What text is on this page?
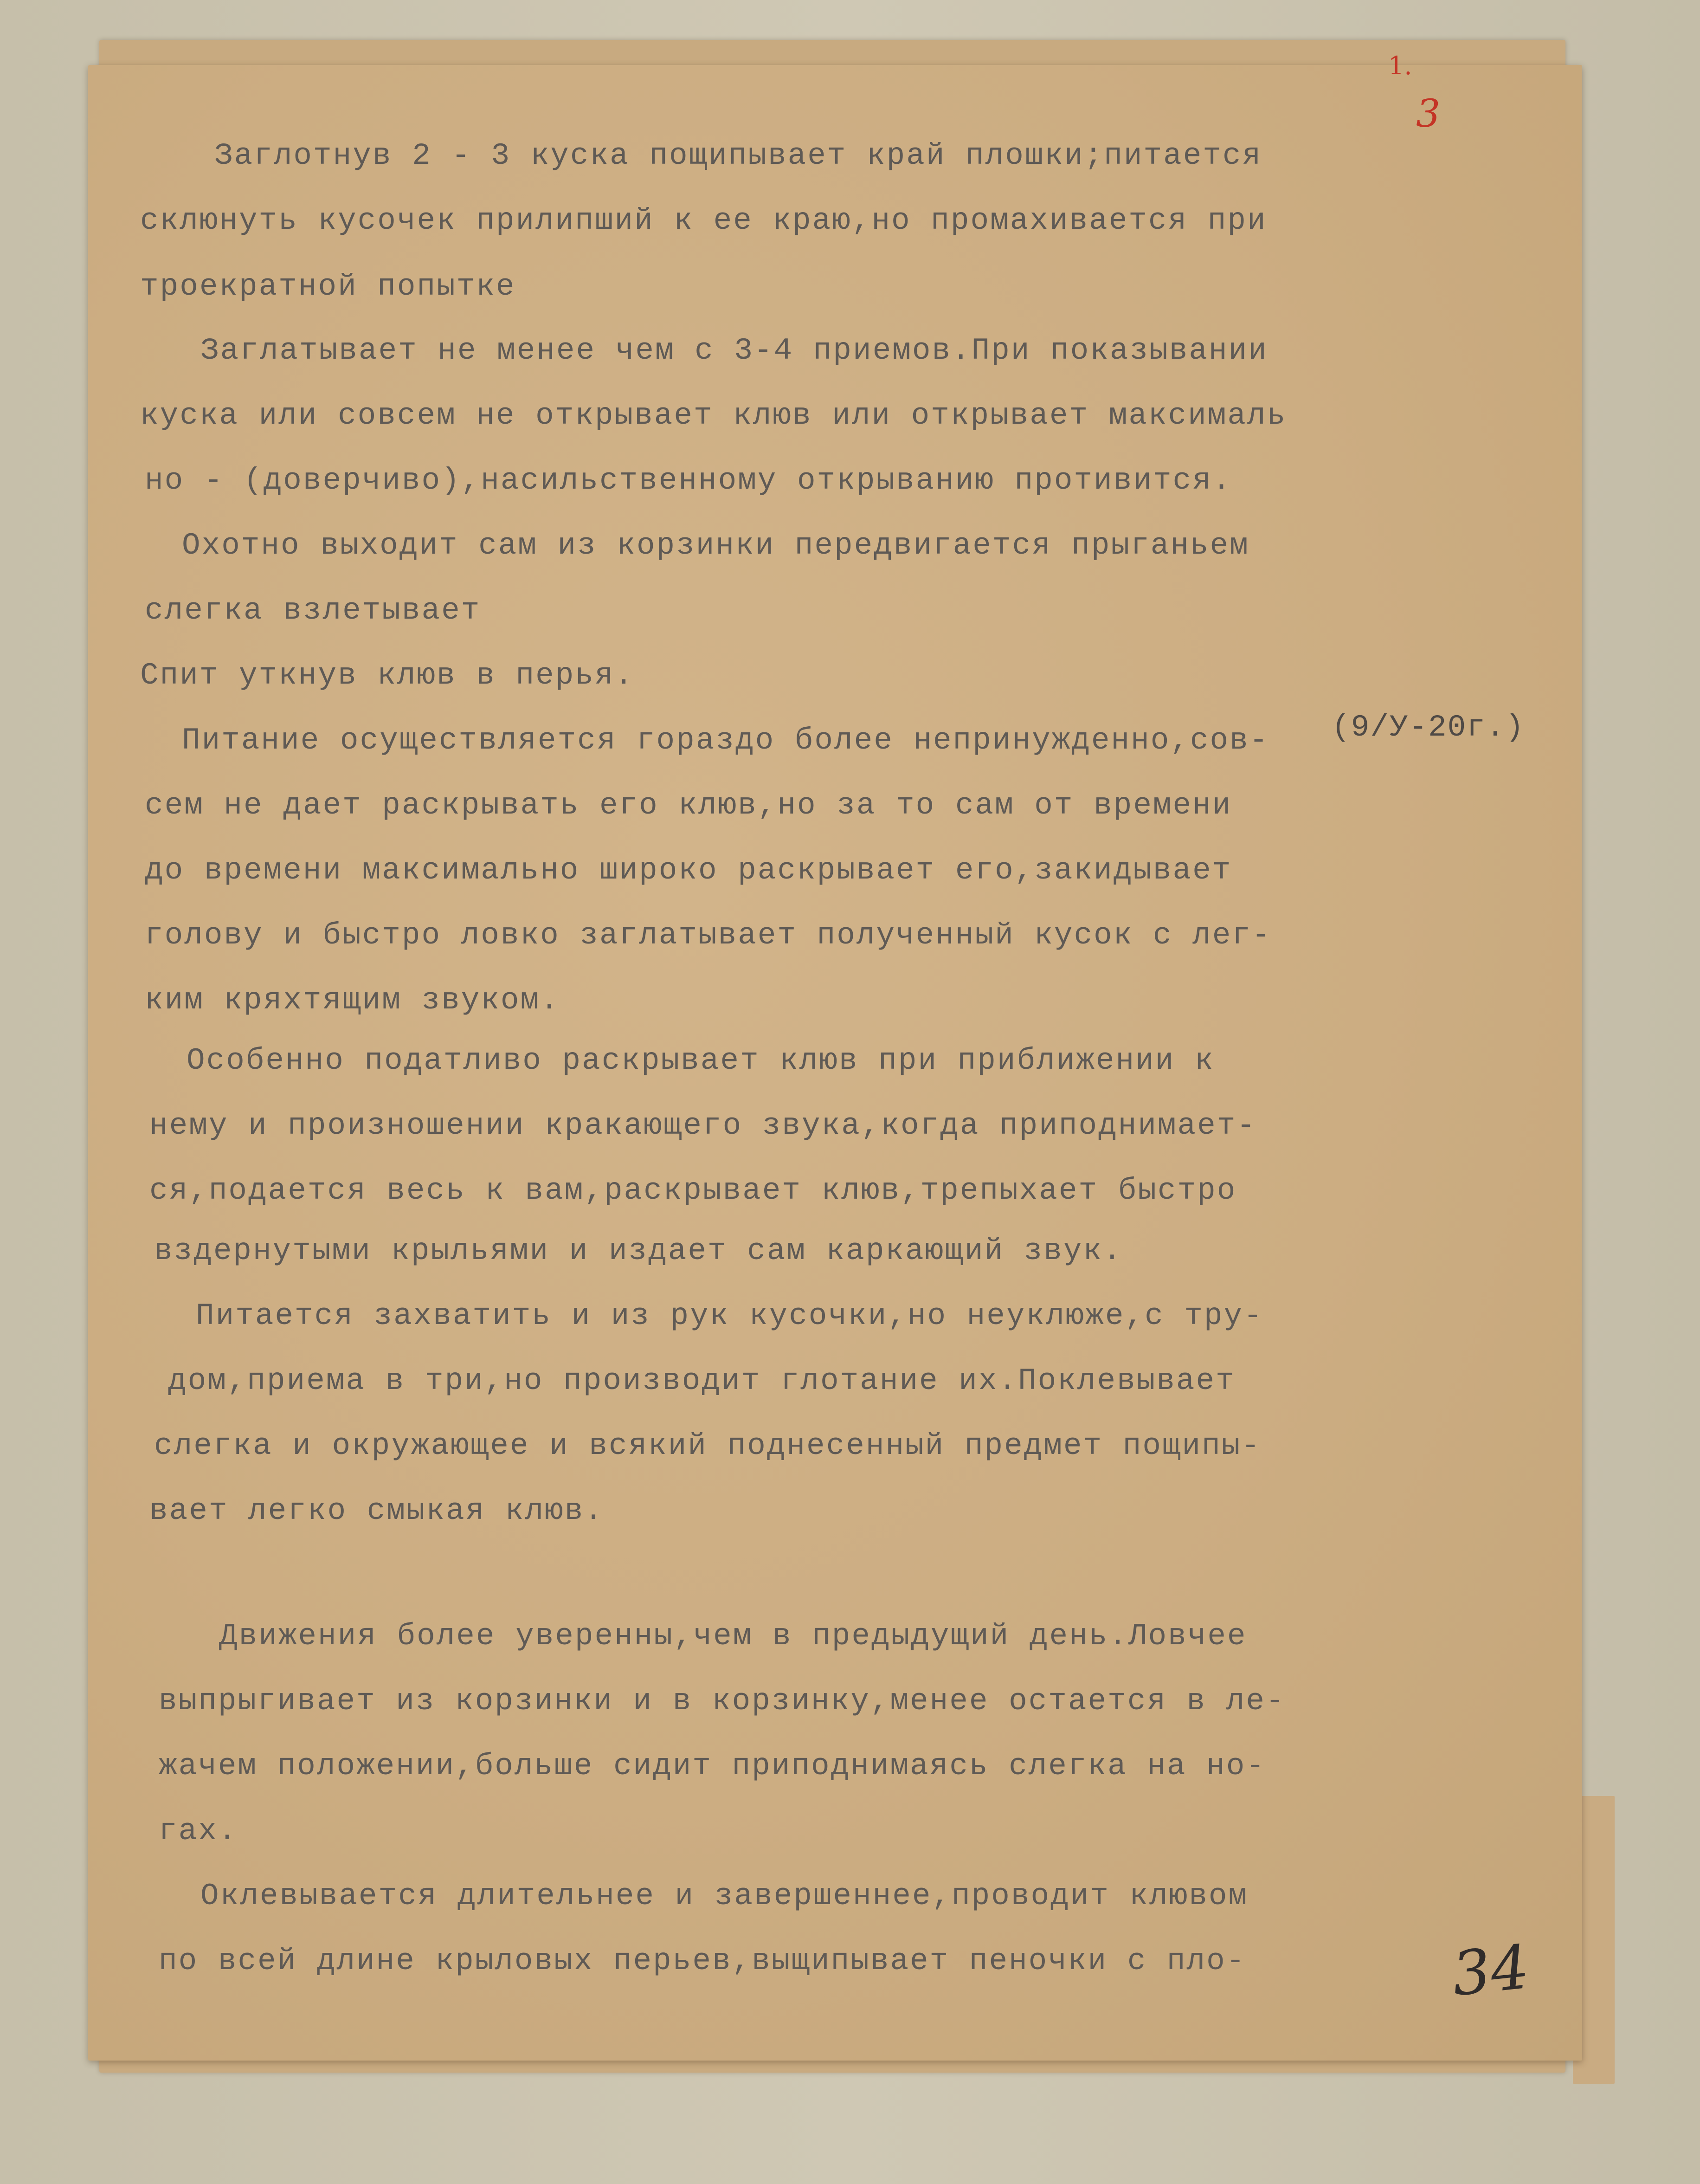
1.
3
Заглотнув 2 - 3 куска пощипывает край плошки;питается
склюнуть кусочек прилипший к ее краю,но промахивается при
троекратной попытке
Заглатывает не менее чем с 3-4 приемов.При показывании
куска или совсем не открывает клюв или открывает максималь
но - (доверчиво),насильственному открыванию противится.
Охотно выходит сам из корзинки передвигается прыганьем
слегка взлетывает
Спит уткнув клюв в перья.
Питание осуществляется гораздо более непринужденно,сов- (9/У-20г.)
сем не дает раскрывать его клюв,но за то сам от времени
до времени максимально широко раскрывает его,закидывает
голову и быстро ловко заглатывает полученный кусок с лег-
ким кряхтящим звуком.
Особенно податливо раскрывает клюв при приближении к
нему и произношении кракающего звука,когда приподнимает-
ся,подается весь к вам,раскрывает клюв,трепыхает быстро
вздернутыми крыльями и издает сам каркающий звук.
Питается захватить и из рук кусочки,но неуклюже,с тру-
дом,приема в три,но производит глотание их.Поклевывает
слегка и окружающее и всякий поднесенный предмет пощипы-
вает легко смыкая клюв.
Движения более уверенны,чем в предыдущий день.Ловчее
выпрыгивает из корзинки и в корзинку,менее остается в ле-
жачем положении,больше сидит приподнимаясь слегка на но-
гах.
Оклевывается длительнее и завершеннее,проводит клювом
по всей длине крыловых перьев,выщипывает пеночки с пло-	34
